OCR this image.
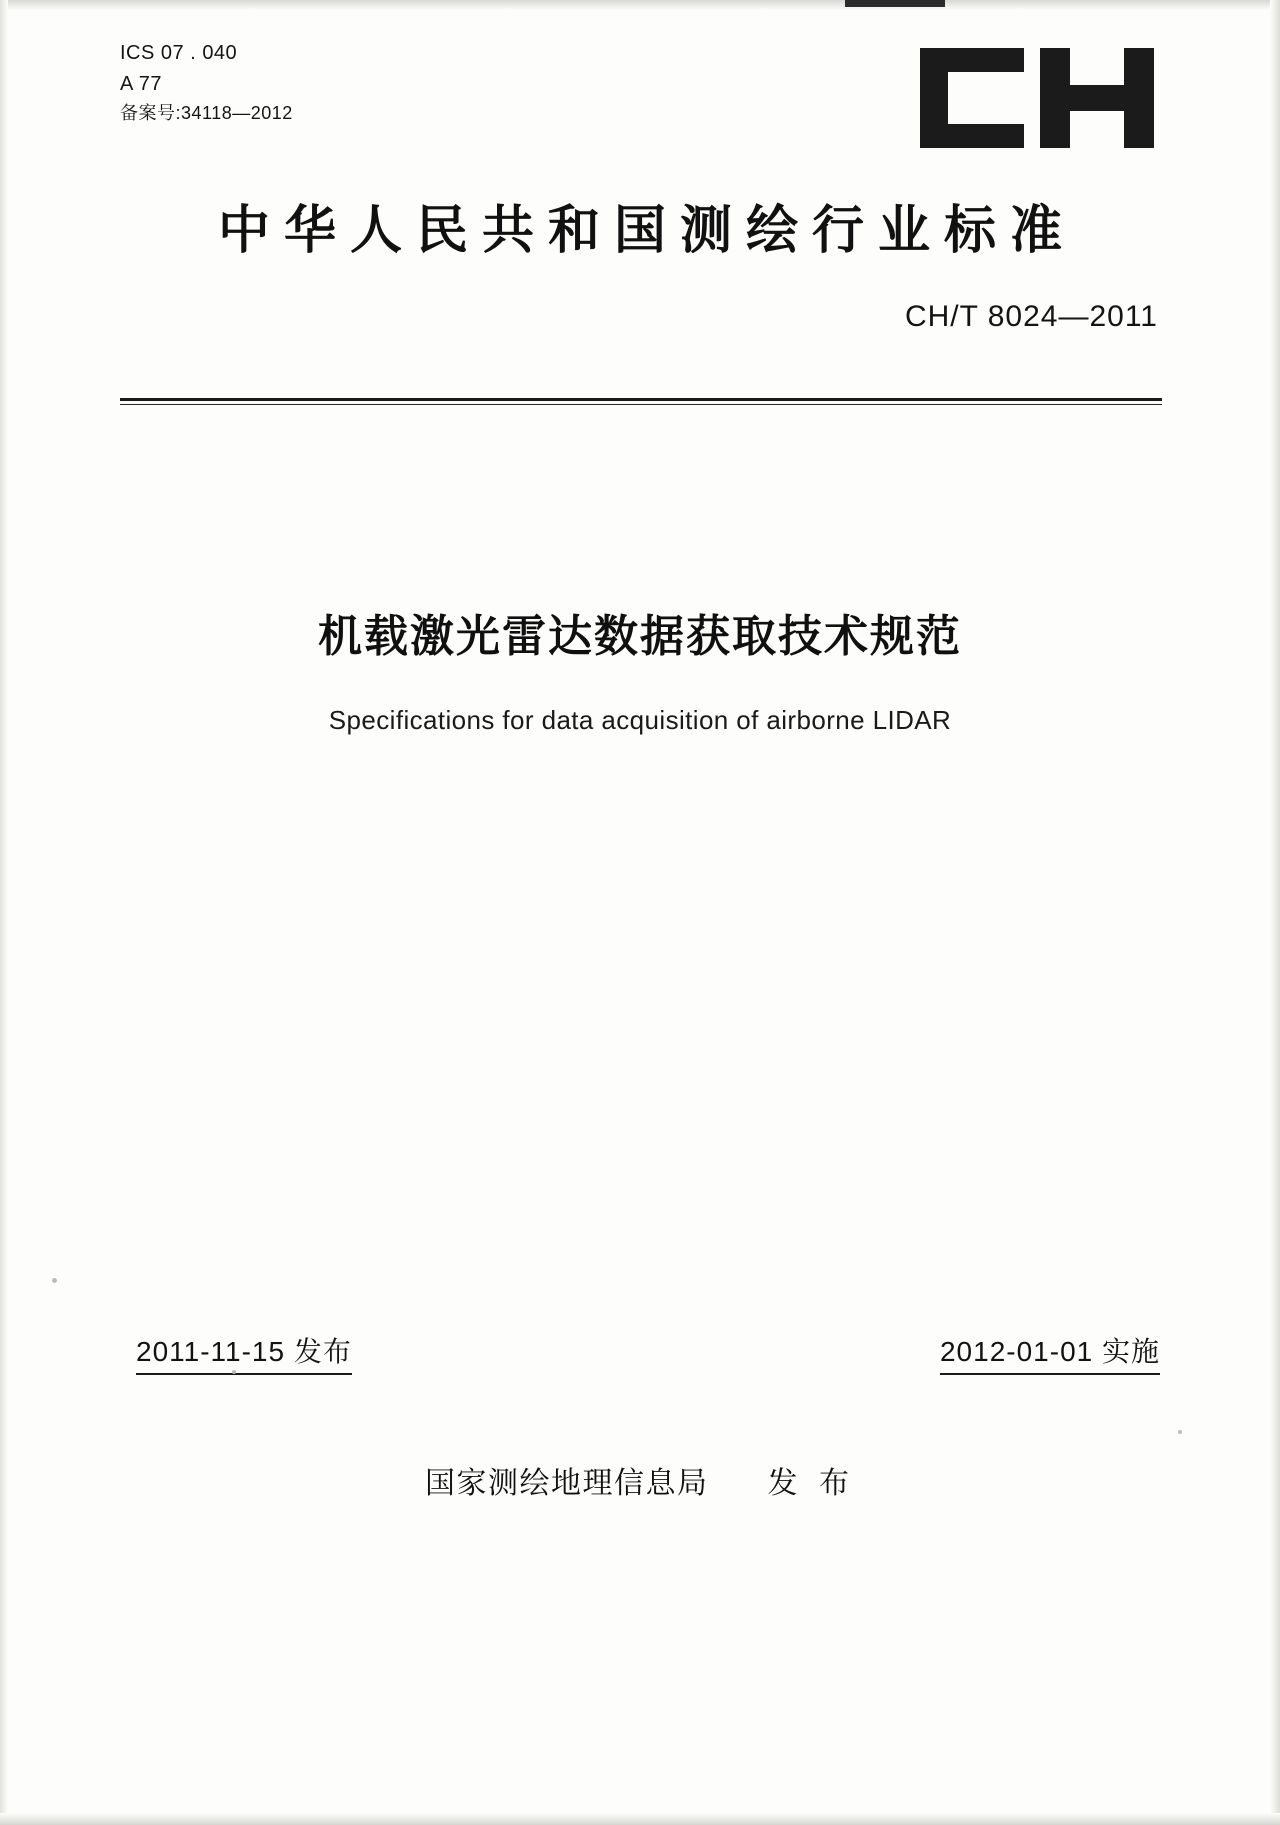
ICS 07 . 040
A 77
备案号:34118—2012
中华人民共和国测绘行业标准
CH/T 8024—2011
机载激光雷达数据获取技术规范
Specifications for data acquisition of airborne LIDAR
2011-11-15 发布	2012-01-01 实施
国家测绘地理信息局 发 布
